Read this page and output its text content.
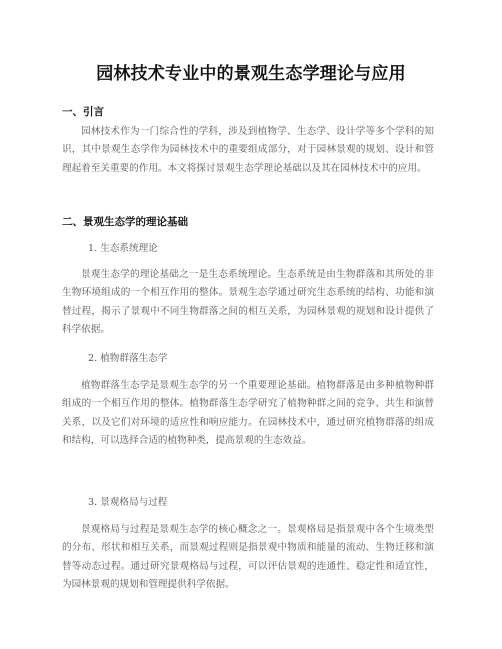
园林技术专业中的景观生态学理论与应用
一、引言

园林技术作为一门综合性的学科，涉及到植物学、生态学、设计学等多个学科的知识，其中景观生态学作为园林技术中的重要组成部分，对于园林景观的规划、设计和管理起着至关重要的作用。本文将探讨景观生态学理论基础以及其在园林技术中的应用。

二、景观生态学的理论基础
1. 生态系统理论

景观生态学的理论基础之一是生态系统理论。生态系统是由生物群落和其所处的非生物环境组成的一个相互作用的整体。景观生态学通过研究生态系统的结构、功能和演替过程，揭示了景观中不同生物群落之间的相互关系，为园林景观的规划和设计提供了科学依据。

2. 植物群落生态学

植物群落生态学是景观生态学的另一个重要理论基础。植物群落是由多种植物种群组成的一个相互作用的整体。植物群落生态学研究了植物种群之间的竞争、共生和演替关系，以及它们对环境的适应性和响应能力。在园林技术中，通过研究植物群落的组成和结构，可以选择合适的植物种类，提高景观的生态效益。

3. 景观格局与过程

景观格局与过程是景观生态学的核心概念之一。景观格局是指景观中各个生境类型的分布、形状和相互关系，而景观过程则是指景观中物质和能量的流动、生物迁移和演替等动态过程。通过研究景观格局与过程，可以评估景观的连通性、稳定性和适宜性，为园林景观的规划和管理提供科学依据。
